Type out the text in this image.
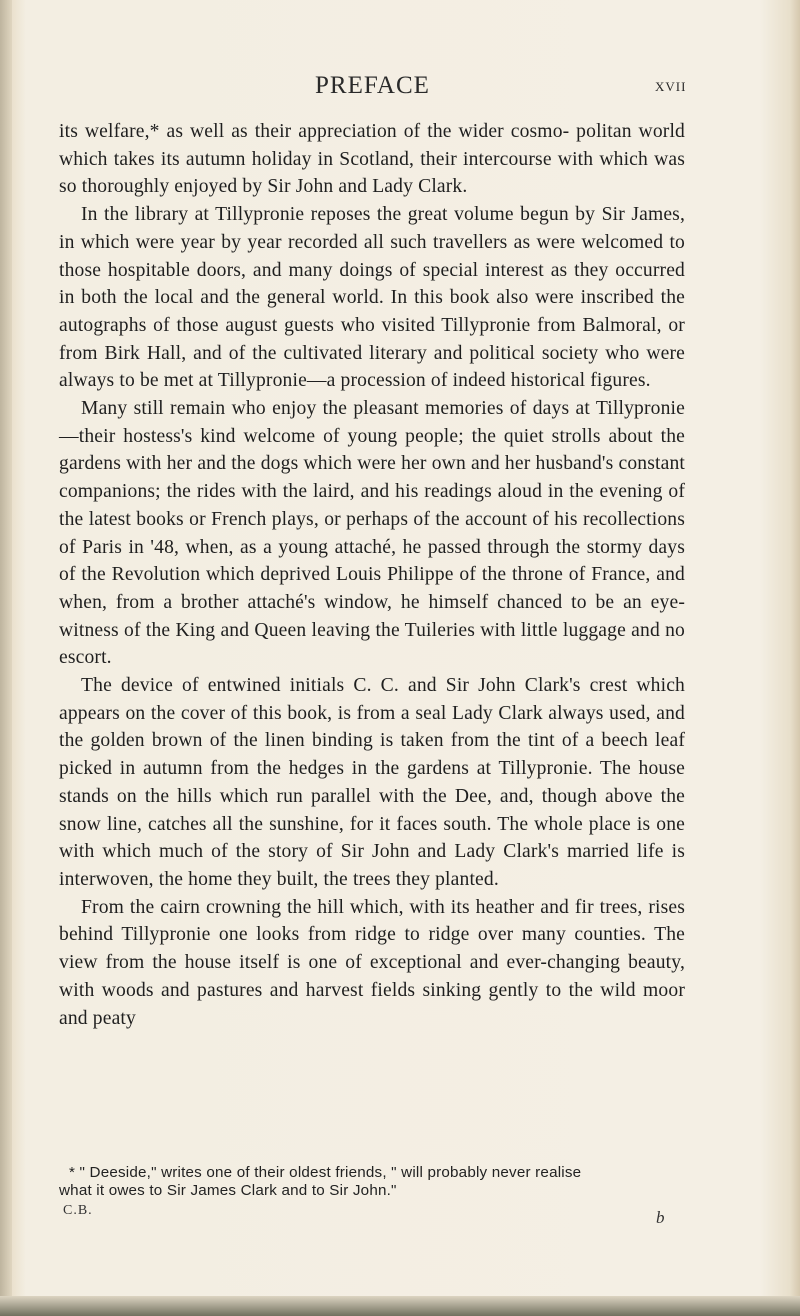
PREFACE	xvii

its welfare,* as well as their appreciation of the wider cosmo- politan world which takes its autumn holiday in Scotland, their intercourse with which was so thoroughly enjoyed by Sir John and Lady Clark.

In the library at Tillypronie reposes the great volume begun by Sir James, in which were year by year recorded all such travellers as were welcomed to those hospitable doors, and many doings of special interest as they occurred in both the local and the general world. In this book also were inscribed the autographs of those august guests who visited Tillypronie from Balmoral, or from Birk Hall, and of the cultivated literary and political society who were always to be met at Tillypronie—a procession of indeed historical figures.

Many still remain who enjoy the pleasant memories of days at Tillypronie—their hostess's kind welcome of young people; the quiet strolls about the gardens with her and the dogs which were her own and her husband's constant companions; the rides with the laird, and his readings aloud in the evening of the latest books or French plays, or perhaps of the account of his recollections of Paris in '48, when, as a young attaché, he passed through the stormy days of the Revolution which deprived Louis Philippe of the throne of France, and when, from a brother attaché's window, he himself chanced to be an eye-witness of the King and Queen leaving the Tuileries with little luggage and no escort.

The device of entwined initials C. C. and Sir John Clark's crest which appears on the cover of this book, is from a seal Lady Clark always used, and the golden brown of the linen binding is taken from the tint of a beech leaf picked in autumn from the hedges in the gardens at Tillypronie. The house stands on the hills which run parallel with the Dee, and, though above the snow line, catches all the sunshine, for it faces south. The whole place is one with which much of the story of Sir John and Lady Clark's married life is interwoven, the home they built, the trees they planted.

From the cairn crowning the hill which, with its heather and fir trees, rises behind Tillypronie one looks from ridge to ridge over many counties. The view from the house itself is one of exceptional and ever-changing beauty, with woods and pastures and harvest fields sinking gently to the wild moor and peaty

* " Deeside," writes one of their oldest friends, " will probably never realise

what it owes to Sir James Clark and to Sir John."

C.B.	b
